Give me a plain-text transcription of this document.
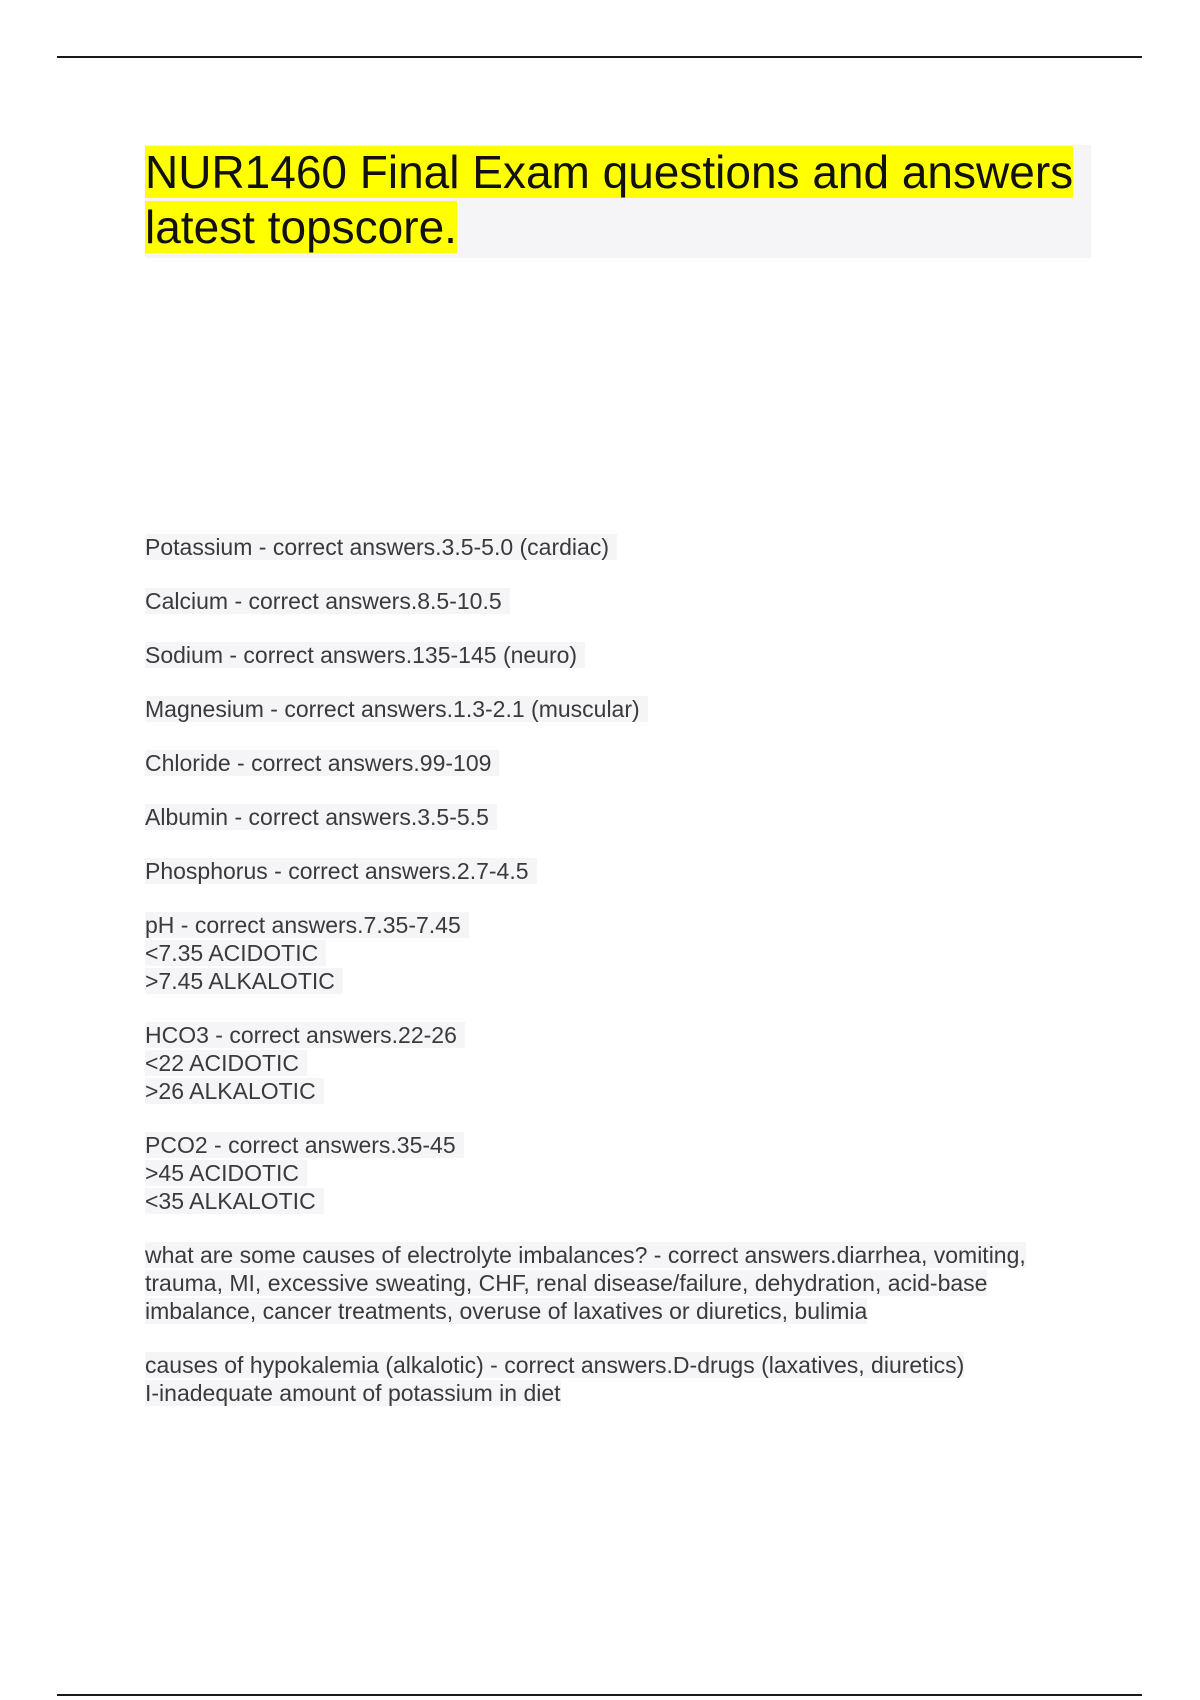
NUR1460 Final Exam questions and answers latest topscore.
Potassium - correct answers.3.5-5.0 (cardiac)
Calcium - correct answers.8.5-10.5
Sodium - correct answers.135-145 (neuro)
Magnesium - correct answers.1.3-2.1 (muscular)
Chloride - correct answers.99-109
Albumin - correct answers.3.5-5.5
Phosphorus - correct answers.2.7-4.5
pH - correct answers.7.35-7.45
<7.35 ACIDOTIC
>7.45 ALKALOTIC
HCO3 - correct answers.22-26
<22 ACIDOTIC
>26 ALKALOTIC
PCO2 - correct answers.35-45
>45 ACIDOTIC
<35 ALKALOTIC
what are some causes of electrolyte imbalances? - correct answers.diarrhea, vomiting,
trauma, MI, excessive sweating, CHF, renal disease/failure, dehydration, acid-base
imbalance, cancer treatments, overuse of laxatives or diuretics, bulimia
causes of hypokalemia (alkalotic) - correct answers.D-drugs (laxatives, diuretics)
I-inadequate amount of potassium in diet
